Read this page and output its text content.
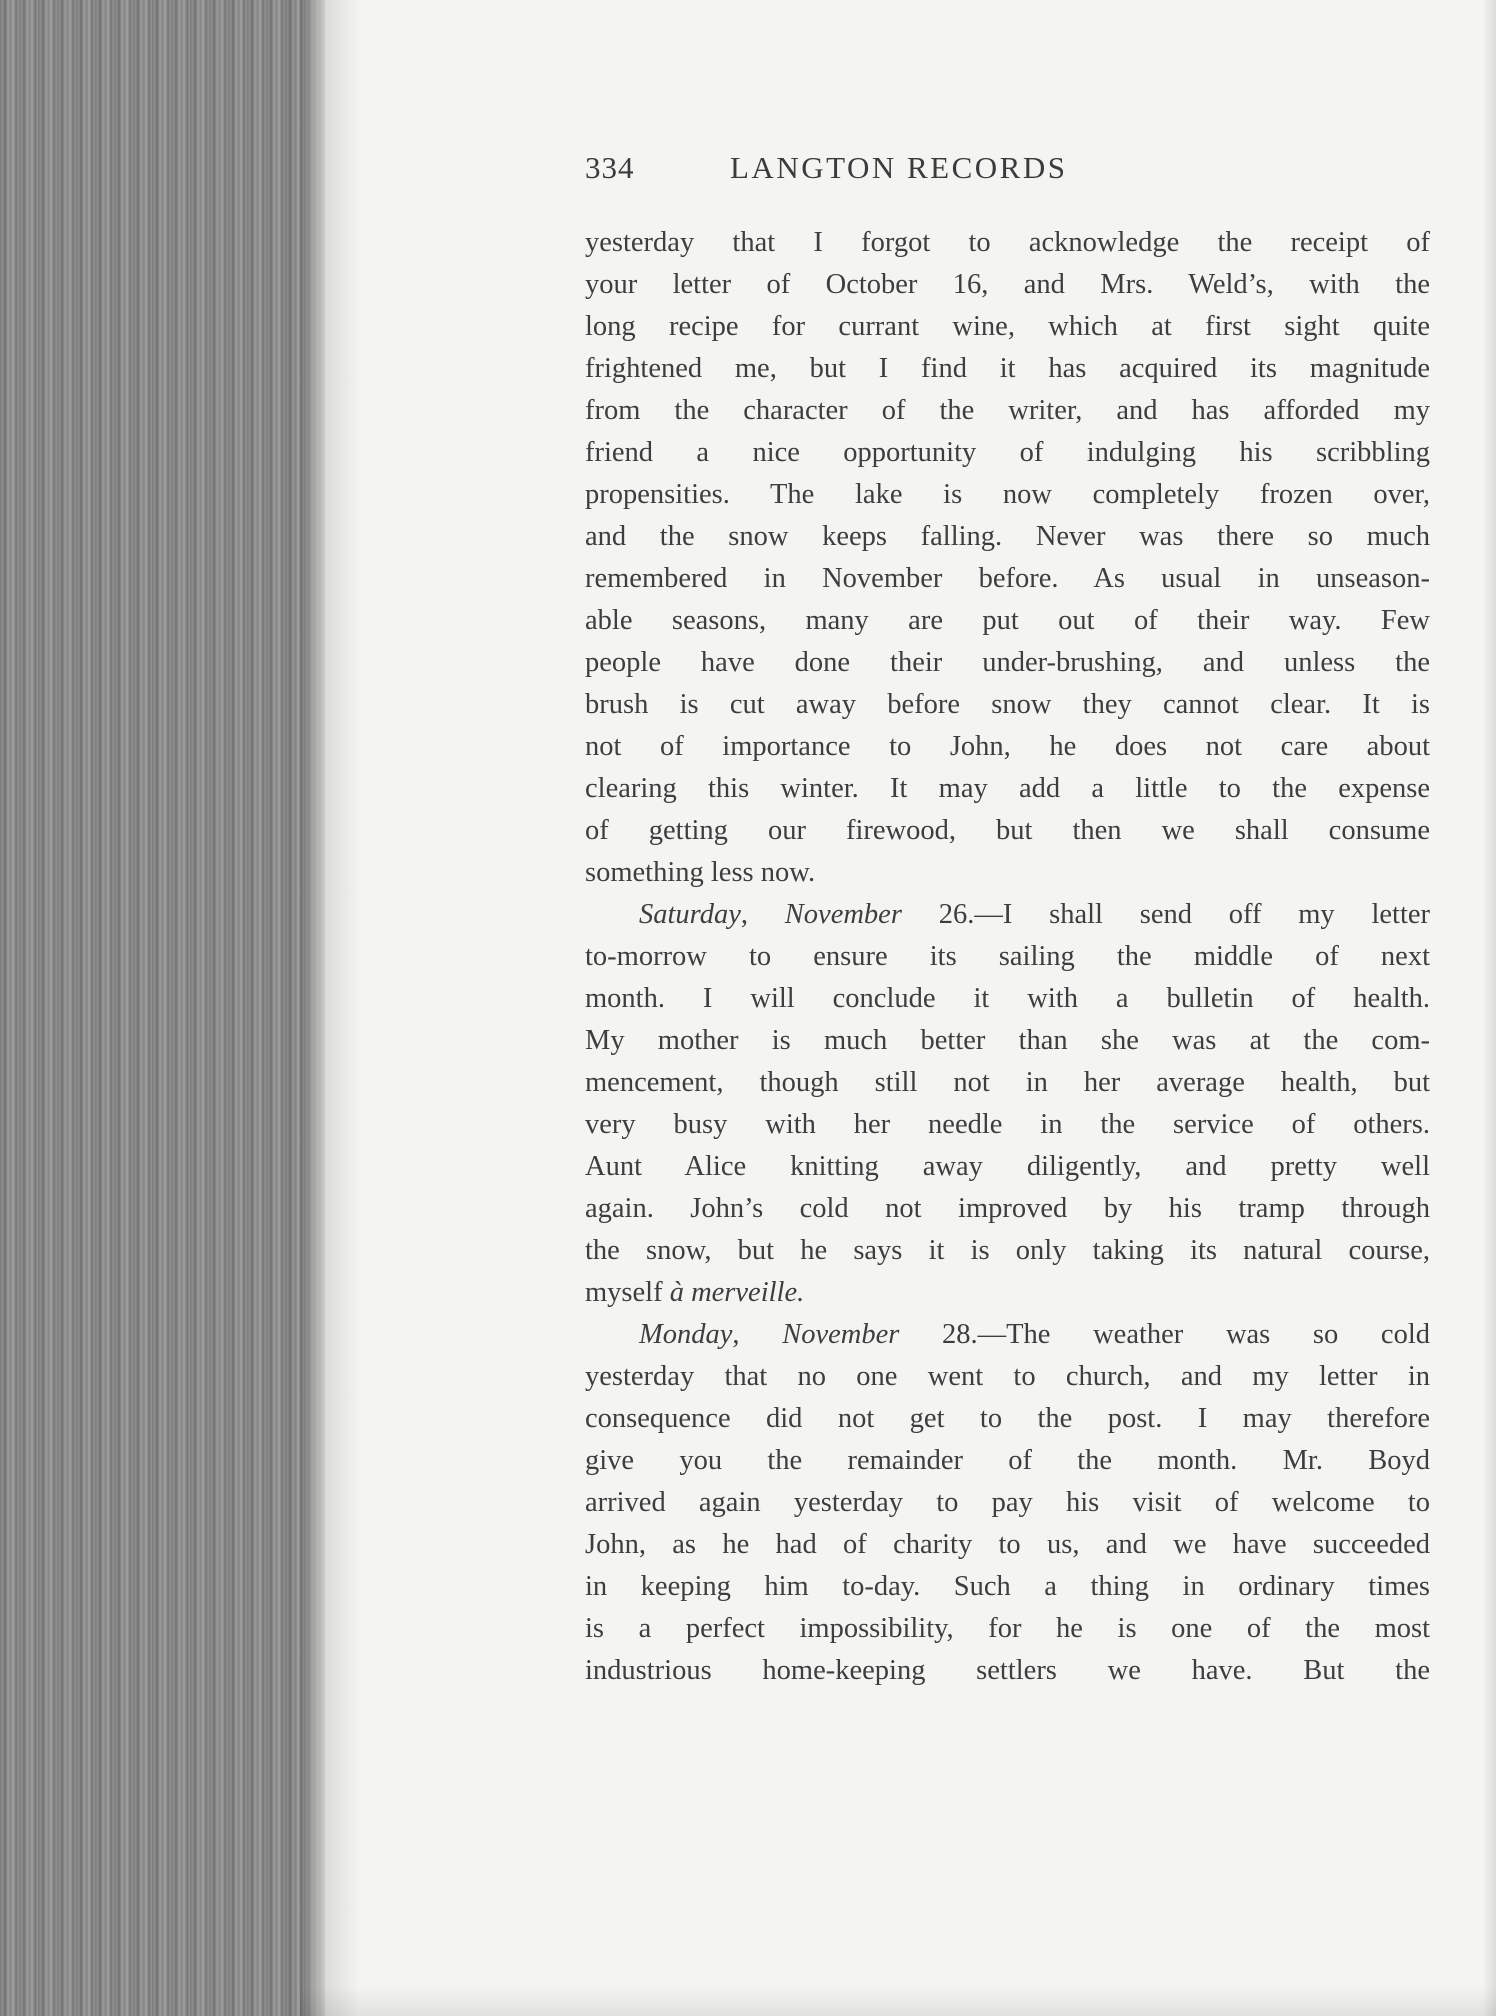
334	LANGTON RECORDS

yesterday that I forgot to acknowledge the receipt of
your letter of October 16, and Mrs. Weld’s, with the
long recipe for currant wine, which at first sight quite
frightened me, but I find it has acquired its magnitude
from the character of the writer, and has afforded my
friend a nice opportunity of indulging his scribbling
propensities. The lake is now completely frozen over,
and the snow keeps falling. Never was there so much
remembered in November before. As usual in unseason-
able seasons, many are put out of their way. Few
people have done their under-brushing, and unless the
brush is cut away before snow they cannot clear. It is
not of importance to John, he does not care about
clearing this winter. It may add a little to the expense
of getting our firewood, but then we shall consume
something less now.

Saturday, November 26.—I shall send off my letter
to-morrow to ensure its sailing the middle of next
month. I will conclude it with a bulletin of health.
My mother is much better than she was at the com-
mencement, though still not in her average health, but
very busy with her needle in the service of others.
Aunt Alice knitting away diligently, and pretty well
again. John’s cold not improved by his tramp through
the snow, but he says it is only taking its natural course,
myself à merveille.

Monday, November 28.—The weather was so cold
yesterday that no one went to church, and my letter in
consequence did not get to the post. I may therefore
give you the remainder of the month. Mr. Boyd
arrived again yesterday to pay his visit of welcome to
John, as he had of charity to us, and we have succeeded
in keeping him to-day. Such a thing in ordinary times
is a perfect impossibility, for he is one of the most
industrious home-keeping settlers we have. But the
